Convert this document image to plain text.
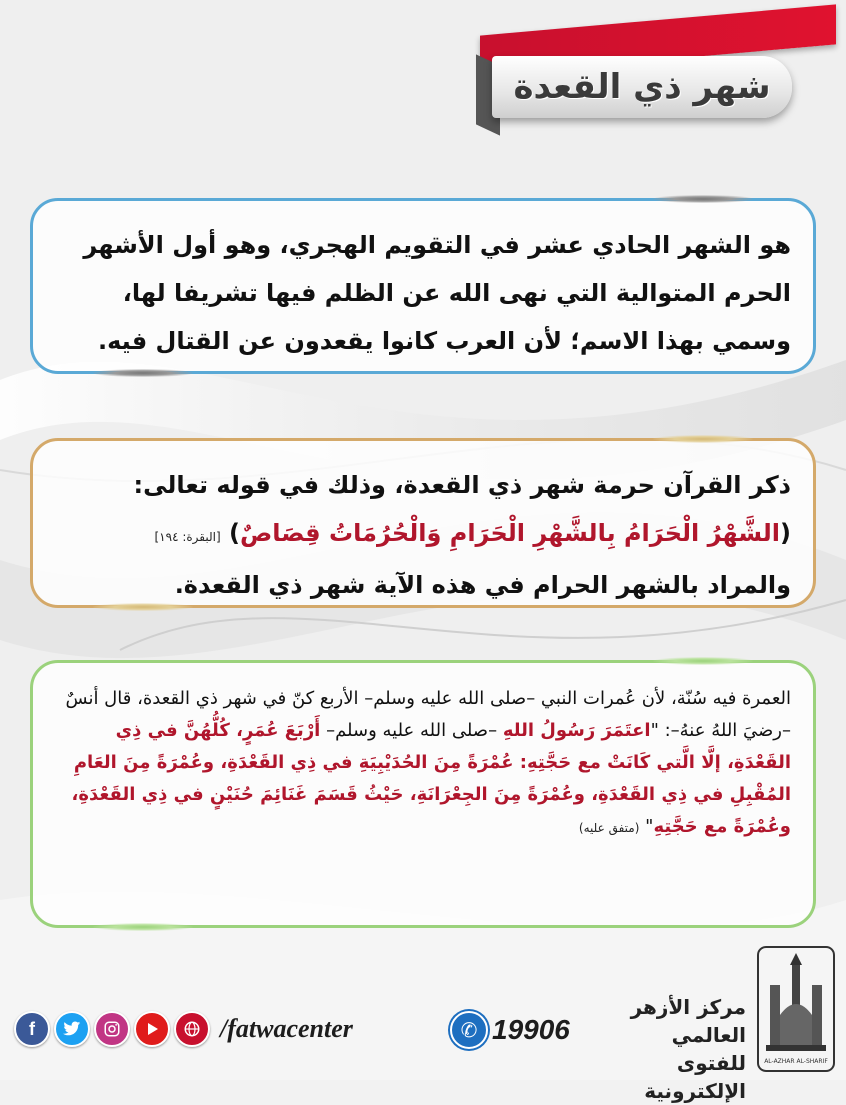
شهر ذي القعدة

هو الشهر الحادي عشر في التقويم الهجري، وهو أول الأشهر الحرم المتوالية التي نهى الله عن الظلم فيها تشريفا لها، وسمي بهذا الاسم؛ لأن العرب كانوا يقعدون عن القتال فيه.

ذكر القرآن حرمة شهر ذي القعدة، وذلك في قوله تعالى: (الشَّهْرُ الْحَرَامُ بِالشَّهْرِ الْحَرَامِ وَالْحُرُمَاتُ قِصَاصٌ) [البقرة: ١٩٤]
والمراد بالشهر الحرام في هذه الآية شهر ذي القعدة.

العمرة فيه سُنّة، لأن عُمرات النبي –صلى الله عليه وسلم– الأربع كنّ في شهر ذي القعدة، قال أنسٌ –رضيَ اللهُ عنهُ–: "اعتَمَرَ رَسُولُ اللهِ –صلى الله عليه وسلم– أَرْبَعَ عُمَرٍ، كُلُّهُنَّ في ذِي القَعْدَةِ، إلَّا الَّتي كَانَتْ مع حَجَّتِهِ: عُمْرَةً مِنَ الحُدَيْبِيَةِ في ذِي القَعْدَةِ، وعُمْرَةً مِنَ العَامِ المُقْبِلِ في ذِي القَعْدَةِ، وعُمْرَةً مِنَ الجِعْرَانَةِ، حَيْثُ قَسَمَ غَنَائِمَ حُنَيْنٍ في ذِي القَعْدَةِ، وعُمْرَةً مع حَجَّتِهِ" (متفق عليه)

AL-AZHAR AL-SHARIF
مركز الأزهر العالمي
للفتوى الإلكترونية
✆ 19906
f	/fatwacenter
